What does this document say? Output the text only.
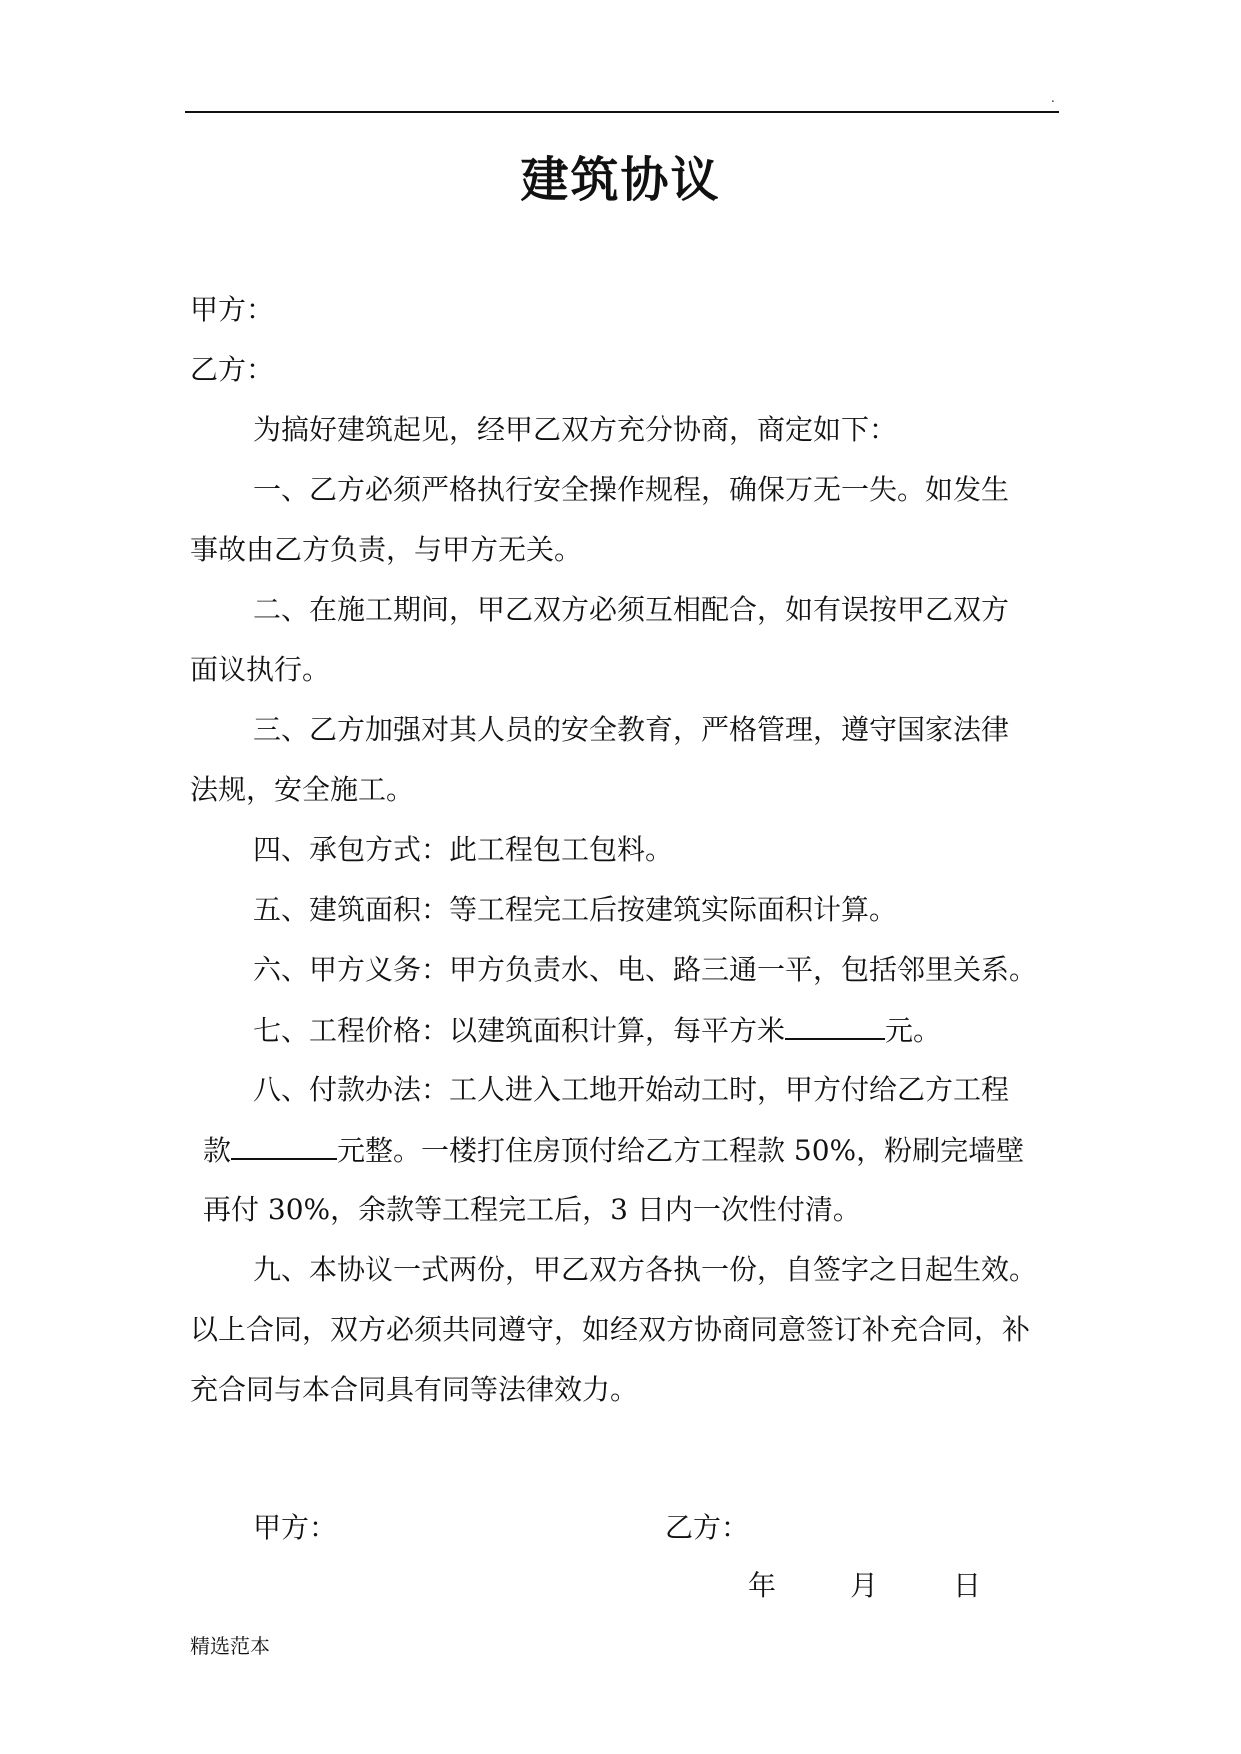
.
建筑协议
甲方：
乙方：
为搞好建筑起见，经甲乙双方充分协商，商定如下：
一、乙方必须严格执行安全操作规程，确保万无一失。如发生
事故由乙方负责，与甲方无关。
二、在施工期间，甲乙双方必须互相配合，如有误按甲乙双方
面议执行。
三、乙方加强对其人员的安全教育，严格管理，遵守国家法律
法规，安全施工。
四、承包方式：此工程包工包料。
五、建筑面积：等工程完工后按建筑实际面积计算。
六、甲方义务：甲方负责水、电、路三通一平，包括邻里关系。
七、工程价格：以建筑面积计算，每平方米	元。
八、付款办法：工人进入工地开始动工时，甲方付给乙方工程
款	元整。一楼打住房顶付给乙方工程款 50%，粉刷完墙壁
再付 30%，余款等工程完工后，3 日内一次性付清。
九、本协议一式两份，甲乙双方各执一份，自签字之日起生效。
以上合同，双方必须共同遵守，如经双方协商同意签订补充合同，补
充合同与本合同具有同等法律效力。
甲方：	乙方：
年	月	日
精选范本
